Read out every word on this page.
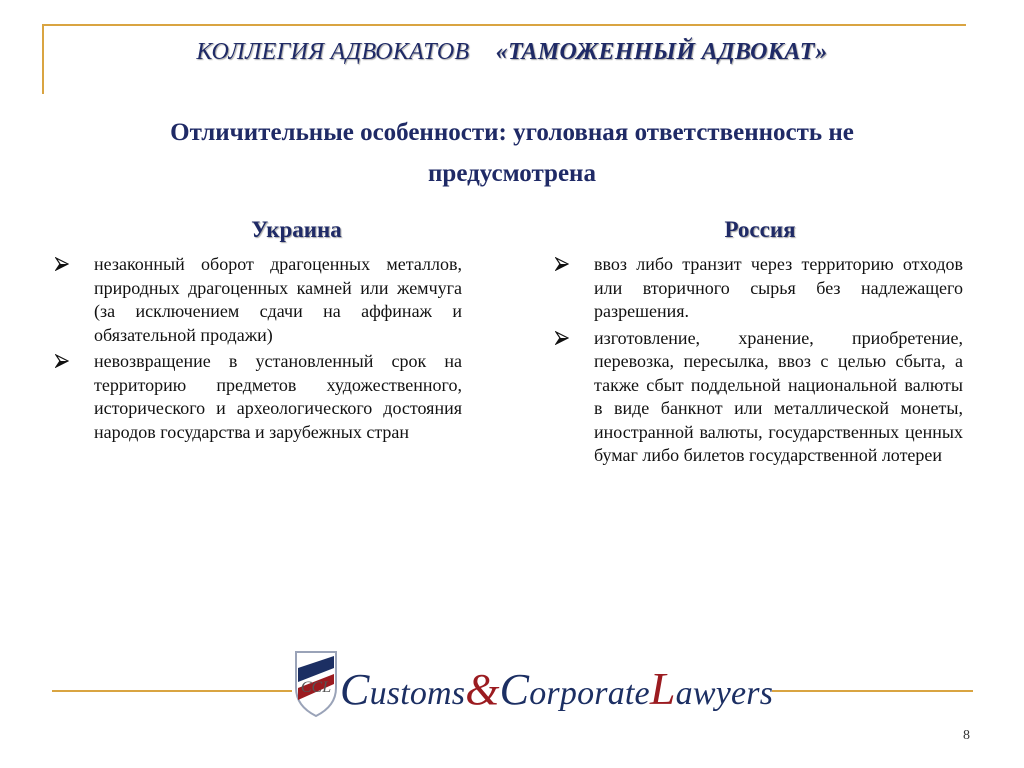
КОЛЛЕГИЯ АДВОКАТОВ «ТАМОЖЕННЫЙ АДВОКАТ»
Отличительные особенности: уголовная ответственность не
предусмотрена
Украина	Россия
незаконный оборот драгоценных металлов, природных драгоценных камней или жемчуга (за исключением сдачи на аффинаж и обязательной продажи)
невозвращение в установленный срок на территорию предметов художественного, исторического и археологического достояния народов государства и зарубежных стран
ввоз либо транзит через территорию отходов или вторичного сырья без надлежащего разрешения.
изготовление, хранение, приобретение, перевозка, пересылка, ввоз с целью сбыта, а также сбыт поддельной национальной валюты в виде банкнот или металлической монеты, иностранной валюты, государственных ценных бумаг либо билетов государственной лотереи
CCL Customs&CorporateLawyers
8
